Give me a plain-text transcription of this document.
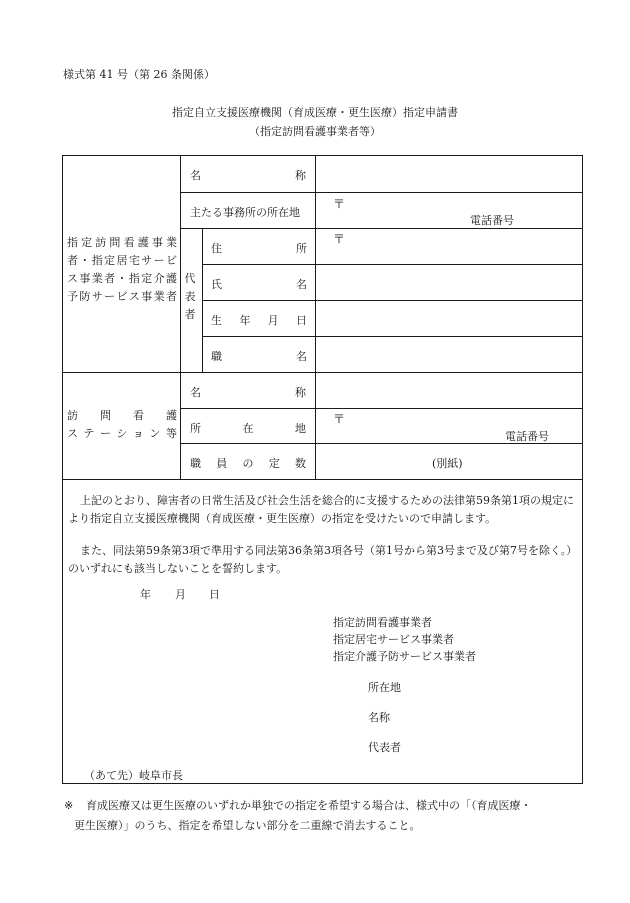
様式第 41 号（第 26 条関係）
指定自立支援医療機関（育成医療・更生医療）指定申請書
（指定訪問看護事業者等）
指定訪問看護事業
者・指定居宅サービ
ス事業者・指定介護
予防サービス事業者
名	称
主たる事務所の所在地
〒
電話番号
代 表 者
住	所
〒
氏	名
生 年 月 日
職	名
訪問看護
ステーション等
名	称
所	在	地
〒
電話番号
職 員 の 定 数	(別紙)
上記のとおり、障害者の日常生活及び社会生活を総合的に支援するための法律第59条第1項の規定により指定自立支援医療機関（育成医療・更生医療）の指定を受けたいので申請します。
また、同法第59条第3項で準用する同法第36条第3項各号（第1号から第3号まで及び第7号を除く。）のいずれにも該当しないことを誓約します。
年 月 日
指定訪問看護事業者
指定居宅サービス事業者
指定介護予防サービス事業者
所在地
名称
代表者
（あて先）岐阜市長
※ 育成医療又は更生医療のいずれか単独での指定を希望する場合は、様式中の「（育成医療・
更生医療）」のうち、指定を希望しない部分を二重線で消去すること。
